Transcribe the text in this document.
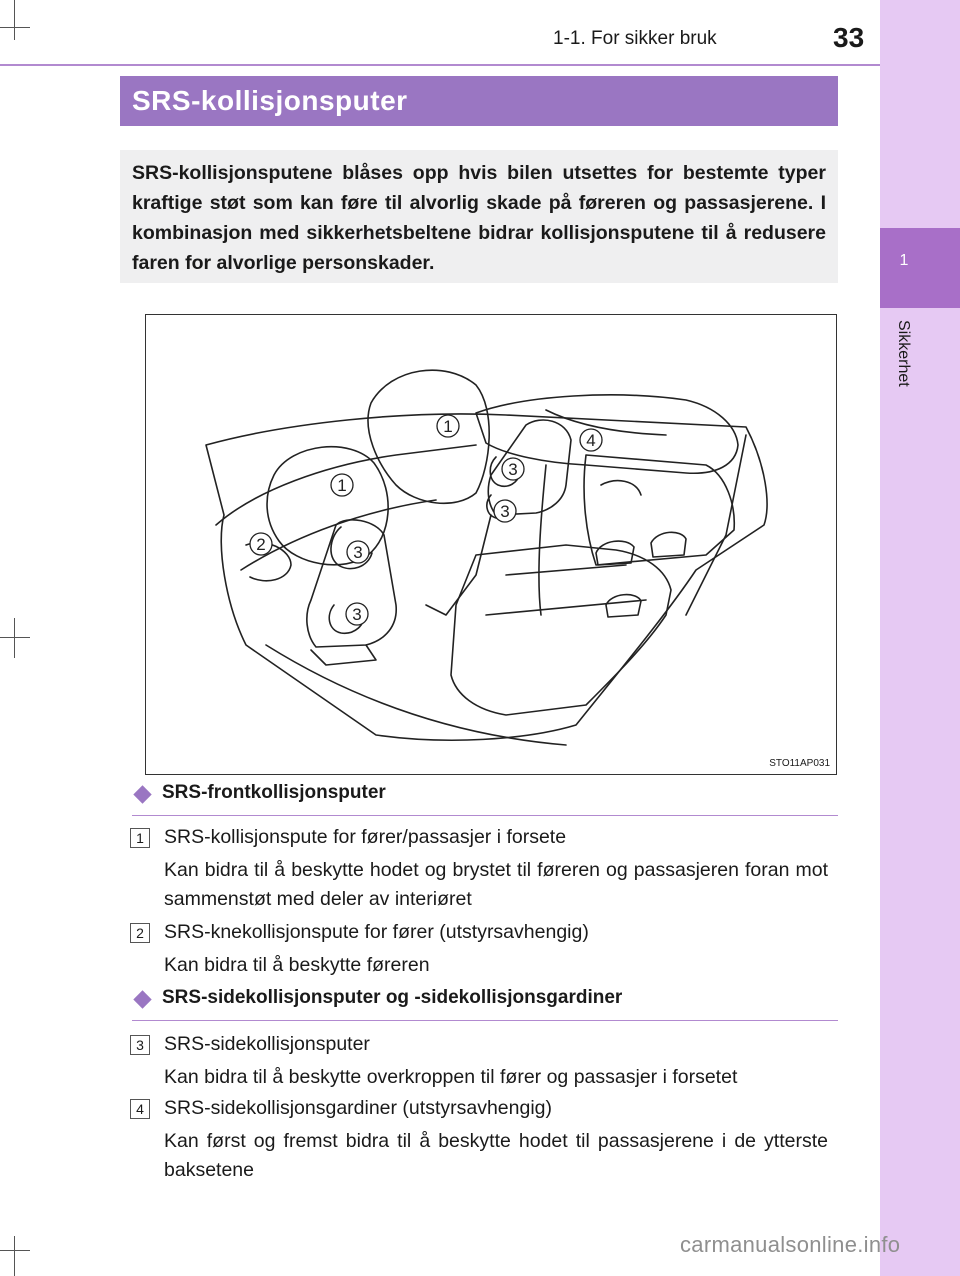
1
Sikkerhet
1-1. For sikker bruk	33
SRS-kollisjonsputer

SRS-kollisjonsputene blåses opp hvis bilen utsettes for bestemte typer kraftige støt som kan føre til alvorlig skade på føreren og passasjerene. I kombinasjon med sikkerhetsbeltene bidrar kollisjonsputene til å redusere faren for alvorlige personskader.

1
1
2
3
3
3
3
4
STO11AP031
SRS-frontkollisjonsputer
1	SRS-kollisjonspute for fører/passasjer i forsete

Kan bidra til å beskytte hodet og brystet til føreren og passasjeren foran mot sammenstøt med deler av interiøret

2	SRS-knekollisjonspute for fører (utstyrsavhengig)

Kan bidra til å beskytte føreren

SRS-sidekollisjonsputer og -sidekollisjonsgardiner
3	SRS-sidekollisjonsputer

Kan bidra til å beskytte overkroppen til fører og passasjer i forsetet

4	SRS-sidekollisjonsgardiner (utstyrsavhengig)

Kan først og fremst bidra til å beskytte hodet til passasjerene i de ytterste baksetene

carmanualsonline.info
